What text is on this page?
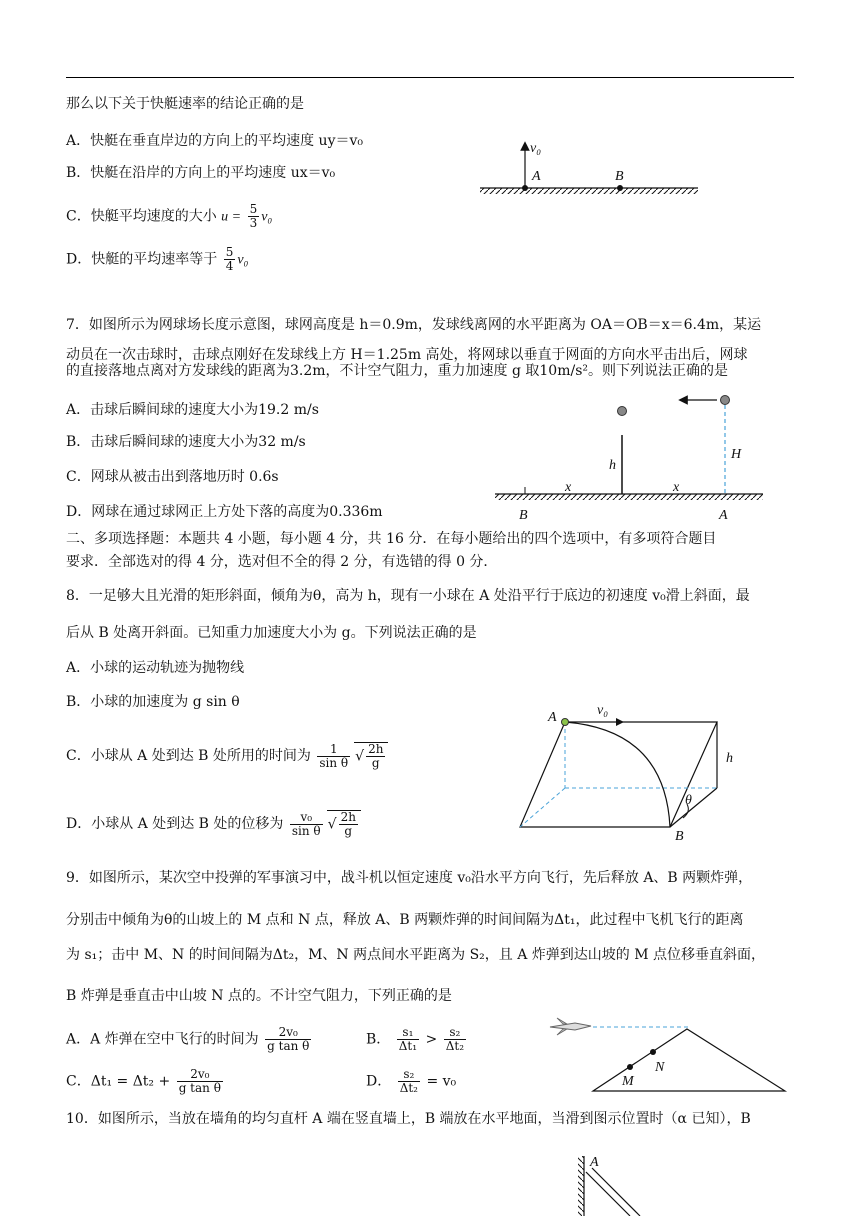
那么以下关于快艇速率的结论正确的是
A．快艇在垂直岸边的方向上的平均速度 uy＝v₀
B．快艇在沿岸的方向上的平均速度 ux＝v₀
C．快艇平均速度的大小 $u = \frac{5}{3} v_0$
D．快艇的平均速率等于 $\frac{5}{4} v_0$
v₀
A	B
7．如图所示为网球场长度示意图，球网高度是 h＝0.9m，发球线离网的水平距离为 OA＝OB＝x＝6.4m，某运
动员在一次击球时，击球点刚好在发球线上方 H＝1.25m 高处，将网球以垂直于网面的方向水平击出后，网球
的直接落地点离对方发球线的距离为3.2m，不计空气阻力，重力加速度 g 取10m/s²。则下列说法正确的是
A．击球后瞬间球的速度大小为19.2 m/s
B．击球后瞬间球的速度大小为32 m/s
C．网球从被击出到落地历时 0.6s
D．网球在通过球网正上方处下落的高度为0.336m
h
H
x	x
B	A
二、多项选择题：本题共 4 小题，每小题 4 分，共 16 分．在每小题给出的四个选项中，有多项符合题目
要求．全部选对的得 4 分，选对但不全的得 2 分，有选错的得 0 分．
8．一足够大且光滑的矩形斜面，倾角为θ，高为 h，现有一小球在 A 处沿平行于底边的初速度 v₀滑上斜面，最
后从 B 处离开斜面。已知重力加速度大小为 g。下列说法正确的是
A．小球的运动轨迹为抛物线
B．小球的加速度为 g sin θ
C．小球从 A 处到达 B 处所用的时间为 $\frac{1}{\text{sin θ}}$ √ $\frac{2h}{g}$
D．小球从 A 处到达 B 处的位移为 $\frac{\text{v₀}}{\text{sin θ}}$ √ $\frac{2h}{g}$
A	v₀
h
θ
B
9．如图所示，某次空中投弹的军事演习中，战斗机以恒定速度 v₀沿水平方向飞行，先后释放 A、B 两颗炸弹，
分别击中倾角为θ的山坡上的 M 点和 N 点，释放 A、B 两颗炸弹的时间间隔为Δt₁，此过程中飞机飞行的距离
为 s₁；击中 M、N 的时间间隔为Δt₂，M、N 两点间水平距离为 S₂，且 A 炸弹到达山坡的 M 点位移垂直斜面，
B 炸弹是垂直击中山坡 N 点的。不计空气阻力，下列正确的是
A．A 炸弹在空中飞行的时间为 $\frac{\text{2v₀}}{\text{g tan θ}}$	B． $\frac{\text{s₁}}{\text{Δt₁}} > \frac{\text{s₂}}{\text{Δt₂}}$
C．$\Delta t_1 = \Delta t_2 + \frac{\text{2v₀}}{\text{g tan θ}}$	D． $\frac{\text{s₂}}{\text{Δt₂}} = v_0$
N
M
10．如图所示，当放在墙角的均匀直杆 A 端在竖直墙上，B 端放在水平地面，当滑到图示位置时（α 已知），B
A
